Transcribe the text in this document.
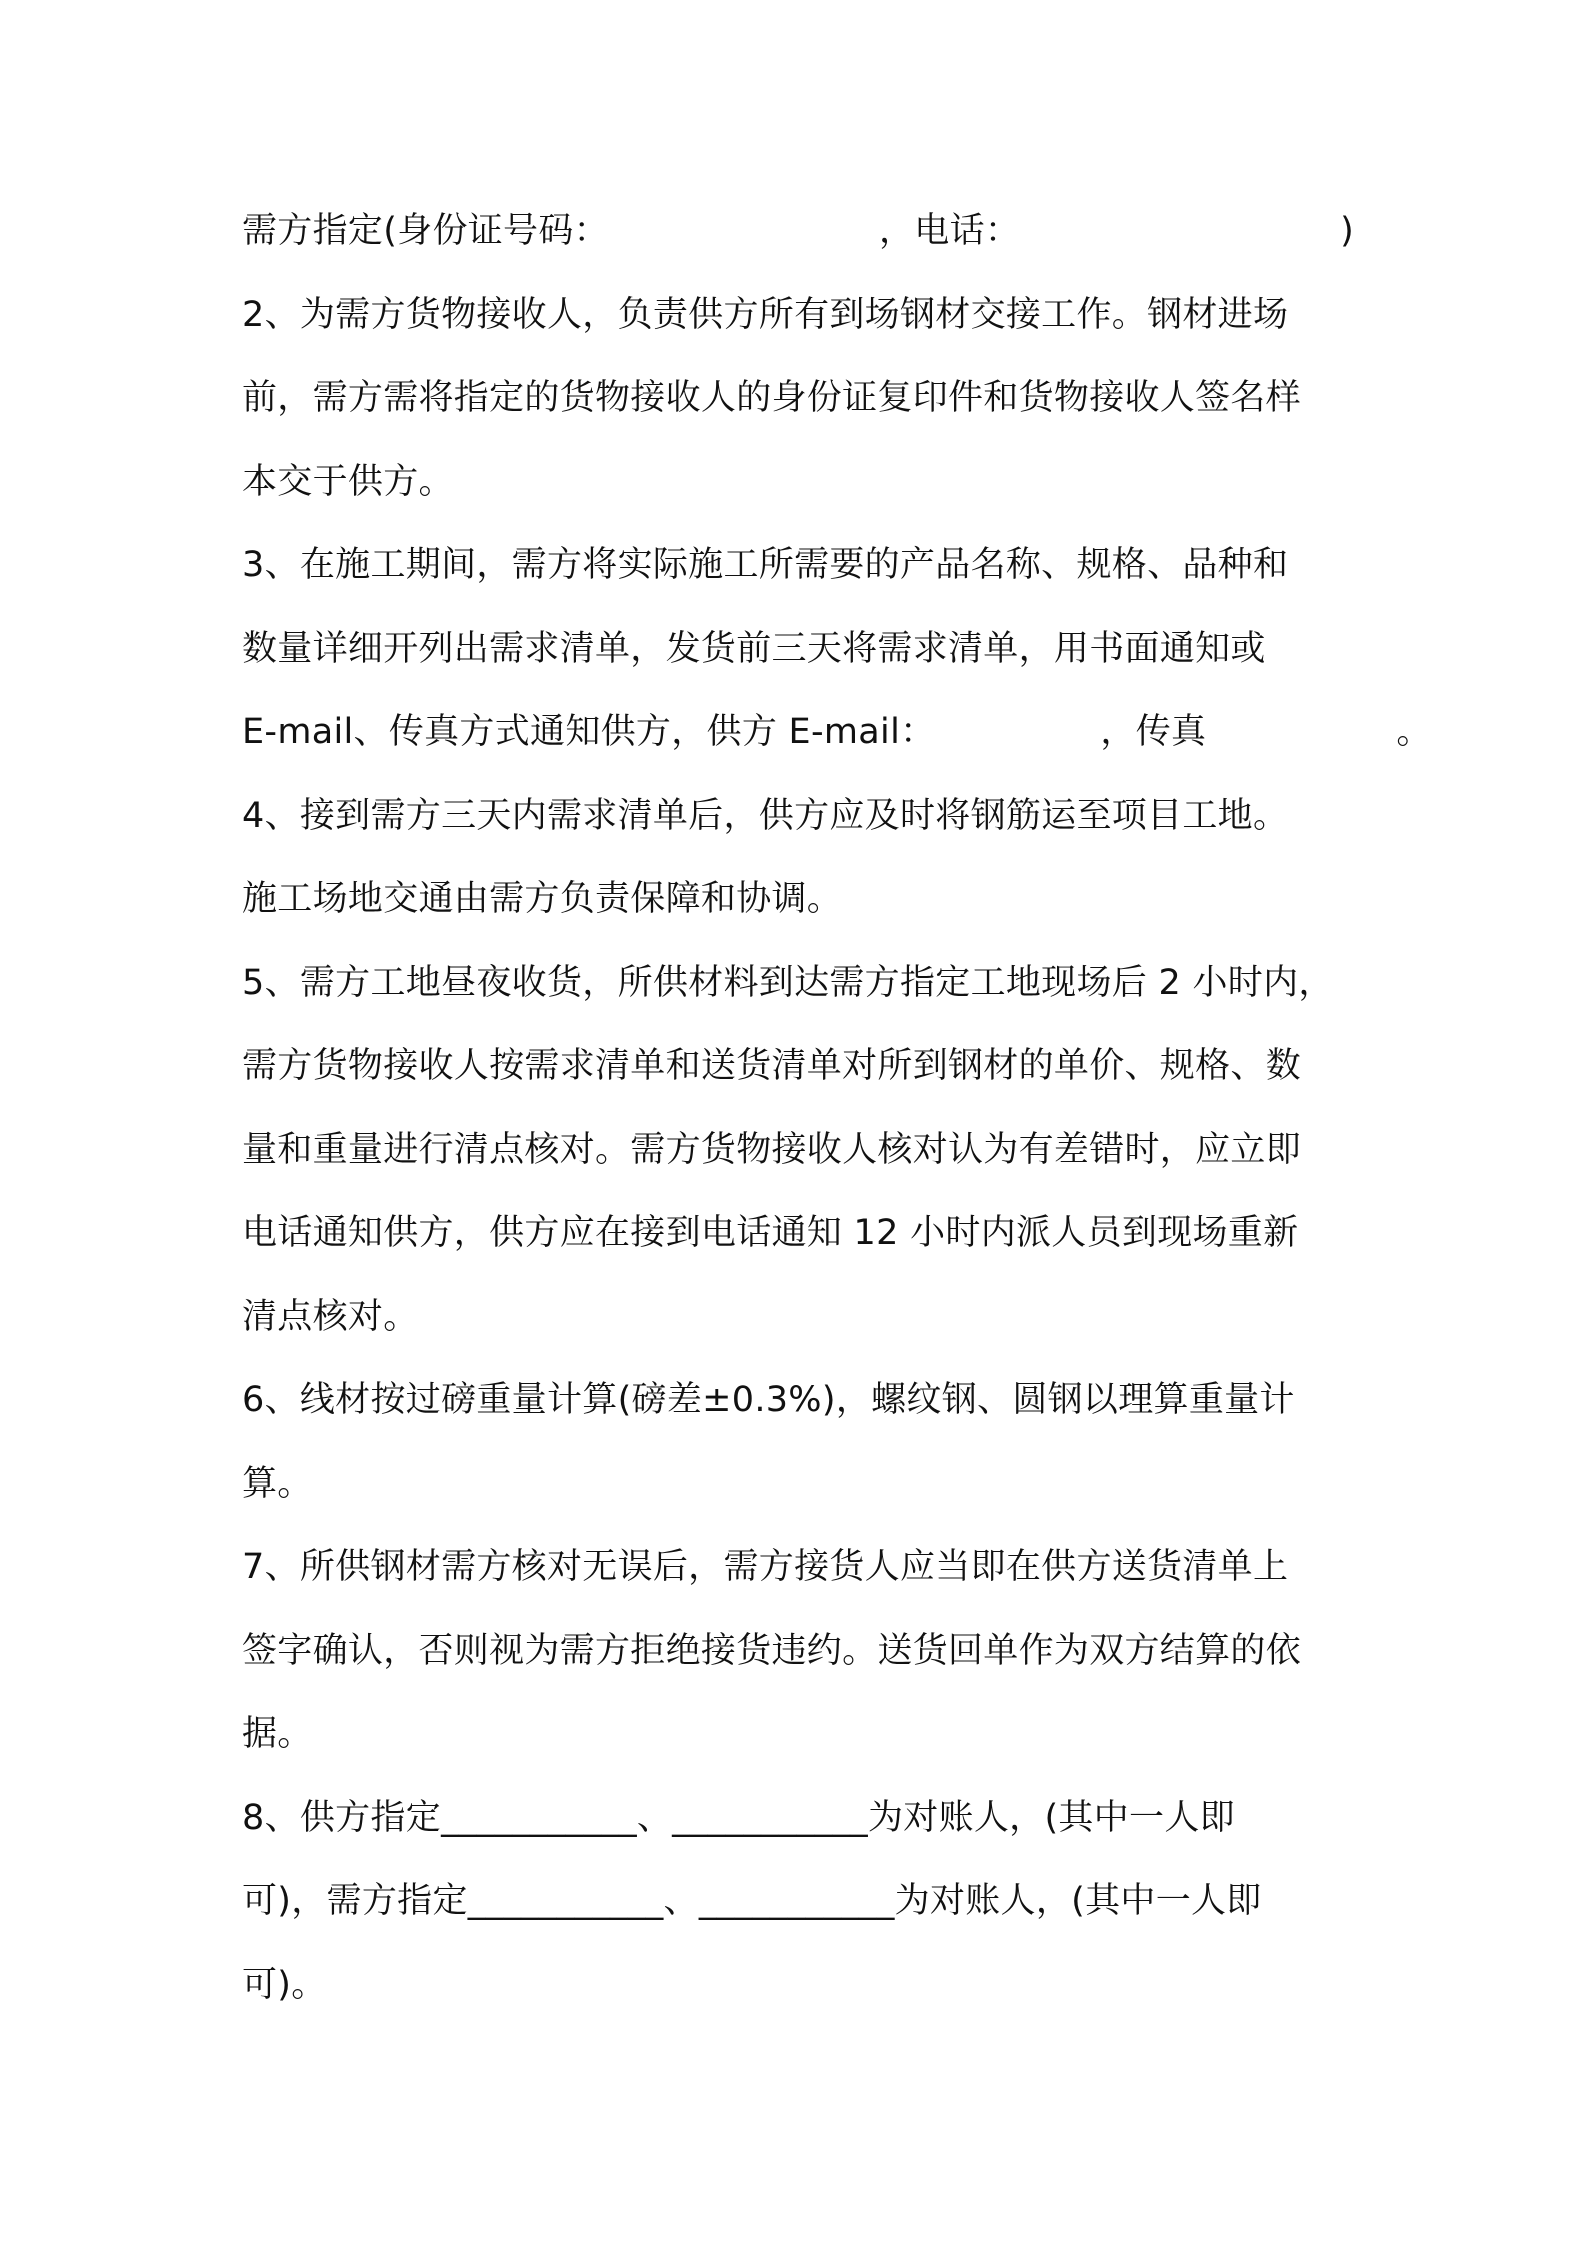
需方指定(身份证号码：	，电话：	)
2、为需方货物接收人，负责供方所有到场钢材交接工作。钢材进场
前，需方需将指定的货物接收人的身份证复印件和货物接收人签名样
本交于供方。
3、在施工期间，需方将实际施工所需要的产品名称、规格、品种和
数量详细开列出需求清单，发货前三天将需求清单，用书面通知或
E-mail、传真方式通知供方，供方 E-mail：	，传真	。
4、接到需方三天内需求清单后，供方应及时将钢筋运至项目工地。
施工场地交通由需方负责保障和协调。
5、需方工地昼夜收货，所供材料到达需方指定工地现场后 2 小时内，
需方货物接收人按需求清单和送货清单对所到钢材的单价、规格、数
量和重量进行清点核对。需方货物接收人核对认为有差错时，应立即
电话通知供方，供方应在接到电话通知 12 小时内派人员到现场重新
清点核对。
6、线材按过磅重量计算(磅差±0.3%)，螺纹钢、圆钢以理算重量计
算。
7、所供钢材需方核对无误后，需方接货人应当即在供方送货清单上
签字确认，否则视为需方拒绝接货违约。送货回单作为双方结算的依
据。
8、供方指定___________、___________为对账人，(其中一人即
可)，需方指定___________、___________为对账人，(其中一人即
可)。
